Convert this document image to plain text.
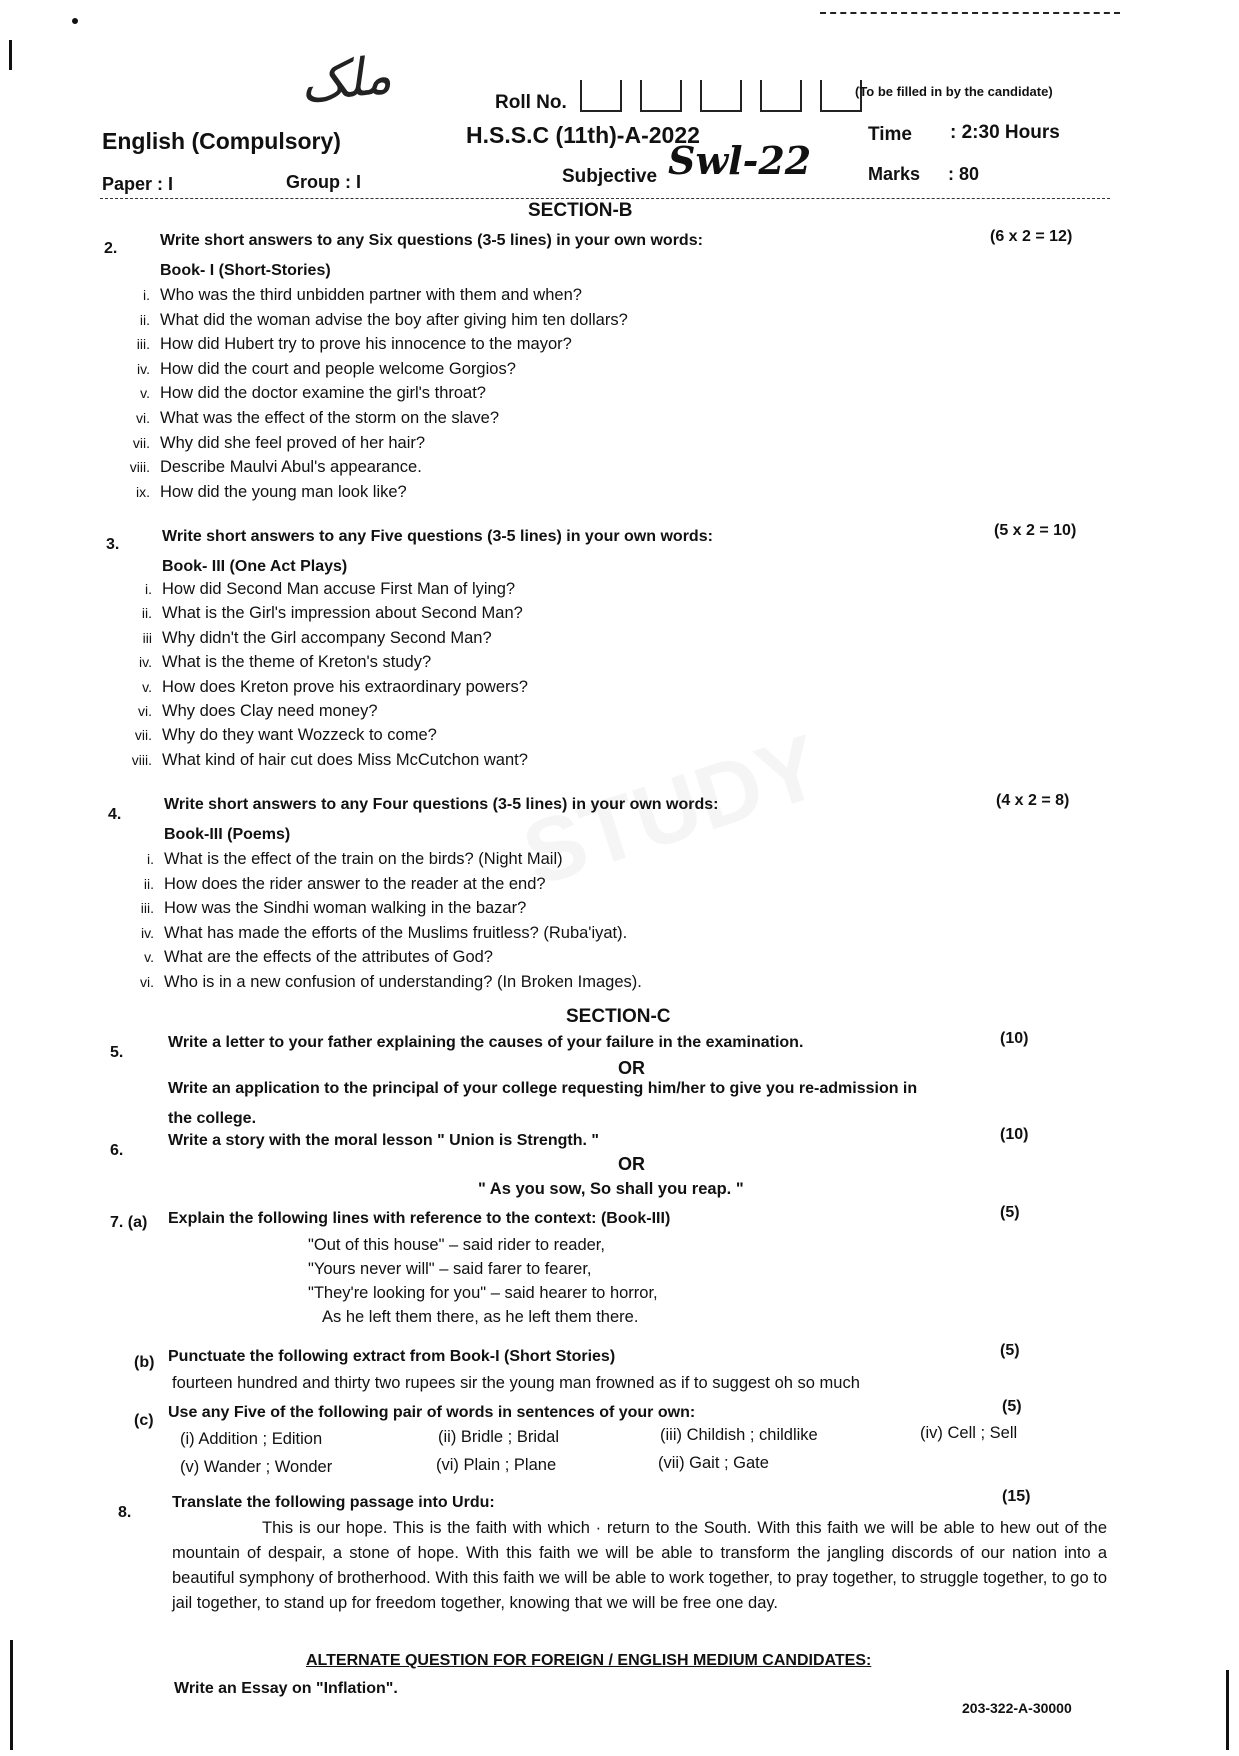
ملک	Roll No.
(To be filled in by the candidate)
English (Compulsory)	H.S.S.C (11th)-A-2022	Time : 2:30 Hours
Paper : I	Group : I	Subjective Swl-22	Marks : 80
SECTION-B
2.	Write short answers to any Six questions (3-5 lines) in your own words:	(6 x 2 = 12)
Book- I (Short-Stories)
i. Who was the third unbidden partner with them and when?
ii. What did the woman advise the boy after giving him ten dollars?
iii. How did Hubert try to prove his innocence to the mayor?
iv. How did the court and people welcome Gorgios?
v. How did the doctor examine the girl's throat?
vi. What was the effect of the storm on the slave?
vii. Why did she feel proved of her hair?
viii. Describe Maulvi Abul's appearance.
ix. How did the young man look like?
3.	Write short answers to any Five questions (3-5 lines) in your own words:	(5 x 2 = 10)
Book- III (One Act Plays)
i. How did Second Man accuse First Man of lying?
ii. What is the Girl's impression about Second Man?
iii Why didn't the Girl accompany Second Man?
iv. What is the theme of Kreton's study?
v. How does Kreton prove his extraordinary powers?
vi. Why does Clay need money?
vii. Why do they want Wozzeck to come?
viii. What kind of hair cut does Miss McCutchon want?
4.
Write short answers to any Four questions (3-5 lines) in your own words:	(4 x 2 = 8)
Book-III (Poems)
i. What is the effect of the train on the birds? (Night Mail)
ii. How does the rider answer to the reader at the end?
iii. How was the Sindhi woman walking in the bazar?
iv. What has made the efforts of the Muslims fruitless? (Ruba'iyat).
v. What are the effects of the attributes of God?
vi. Who is in a new confusion of understanding? (In Broken Images).
SECTION-C
5.
Write a letter to your father explaining the causes of your failure in the examination.	(10)
OR
Write an application to the principal of your college requesting him/her to give you re-admission in
the college.
6.
Write a story with the moral lesson " Union is Strength. "	(10)
OR
" As you sow, So shall you reap. "
7. (a) Explain the following lines with reference to the context: (Book-III)	(5)
"Out of this house" – said rider to reader,
"Yours never will" – said farer to fearer,
"They're looking for you" – said hearer to horror,
As he left them there, as he left them there.
(b) Punctuate the following extract from Book-I (Short Stories)	(5)
fourteen hundred and thirty two rupees sir the young man frowned as if to suggest oh so much
(c) Use any Five of the following pair of words in sentences of your own:	(5)
(i) Addition ; Edition	(ii) Bridle ; Bridal	(iii) Childish ; childlike	(iv) Cell ; Sell
(v) Wander ; Wonder	(vi) Plain ; Plane	(vii) Gait ; Gate
8.
Translate the following passage into Urdu:	(15)
This is our hope. This is the faith with which · return to the South. With this faith we will be able to hew out of the mountain of despair, a stone of hope. With this faith we will be able to transform the jangling discords of our nation into a beautiful symphony of brotherhood. With this faith we will be able to work together, to pray together, to struggle together, to go to jail together, to stand up for freedom together, knowing that we will be free one day.
ALTERNATE QUESTION FOR FOREIGN / ENGLISH MEDIUM CANDIDATES:
Write an Essay on "Inflation".
203-322-A-30000
